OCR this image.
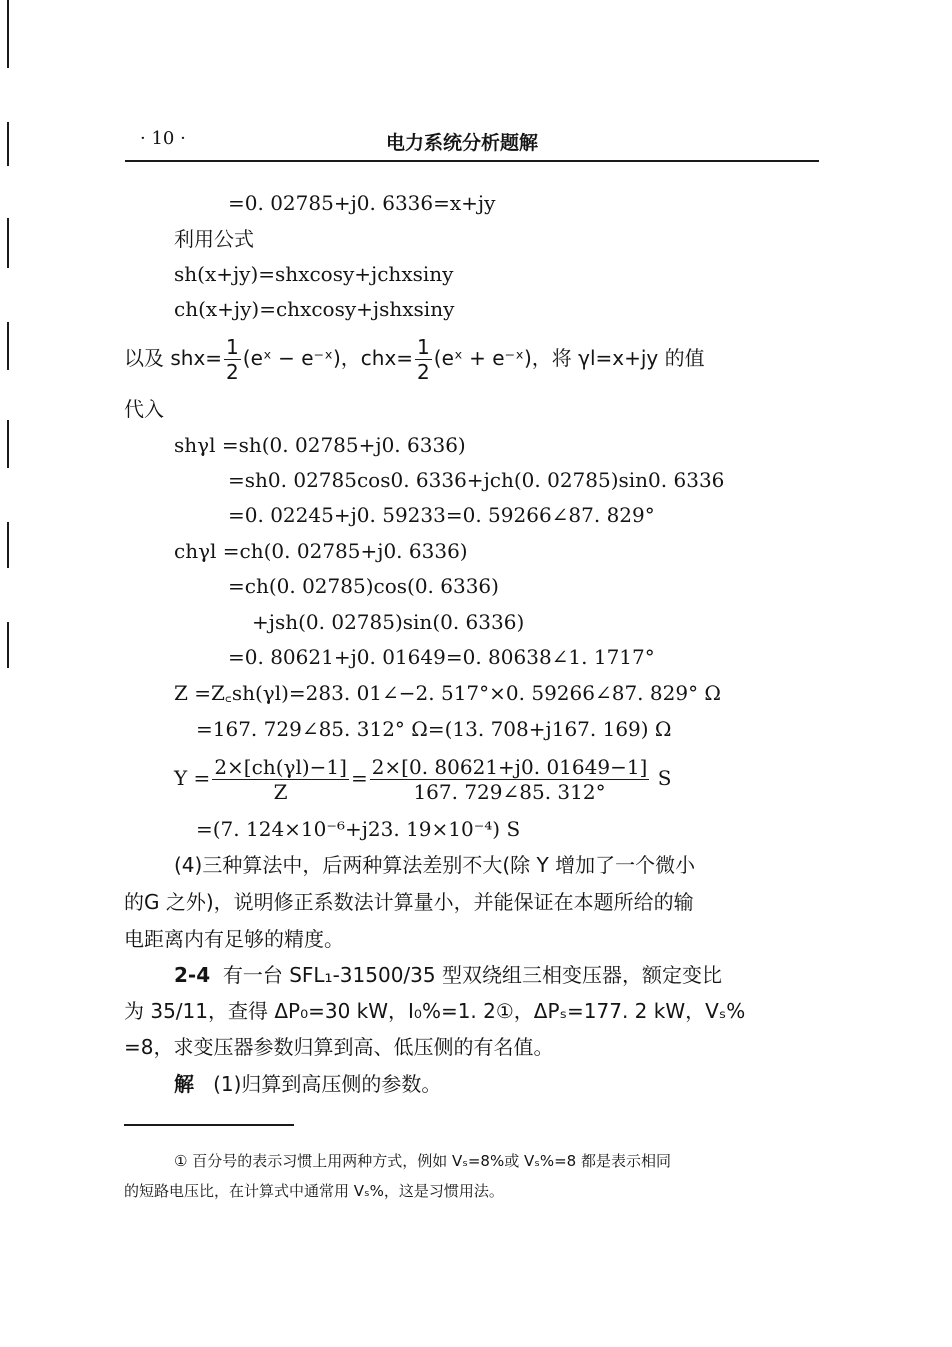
· 10 ·	电力系统分析题解
=0. 02785+j0. 6336=x+jy
利用公式
sh(x+jy)=shxcosy+jchxsiny
ch(x+jy)=chxcosy+jshxsiny
以及 $shx= \frac{1}{2}$ (eˣ − e⁻ˣ)，$chx= \frac{1}{2}$ (eˣ + e⁻ˣ)，将 γl=x+jy 的值
代入
shγl =sh(0. 02785+j0. 6336)
=sh0. 02785cos0. 6336+jch(0. 02785)sin0. 6336
=0. 02245+j0. 59233=0. 59266∠87. 829°
chγl =ch(0. 02785+j0. 6336)
=ch(0. 02785)cos(0. 6336)
+jsh(0. 02785)sin(0. 6336)
=0. 80621+j0. 01649=0. 80638∠1. 1717°
Z =Z꜀sh(γl)=283. 01∠−2. 517°×0. 59266∠87. 829° Ω
=167. 729∠85. 312° Ω=(13. 708+j167. 169) Ω
$Y = \frac{2\times[ch(\gamma l)-1]}{Z} = \frac{2\times[0. 80621+j0. 01649-1]}{167. 729\angle 85. 312^\circ}$ S
=(7. 124×10⁻⁶+j23. 19×10⁻⁴) S
(4)三种算法中，后两种算法差别不大(除 Y 增加了一个微小
的G 之外)，说明修正系数法计算量小，并能保证在本题所给的输
电距离内有足够的精度。
2-4 有一台 SFL₁-31500/35 型双绕组三相变压器，额定变比
为 35/11，查得 ΔP₀=30 kW，I₀%=1. 2①，ΔPₛ=177. 2 kW，Vₛ%
=8，求变压器参数归算到高、低压侧的有名值。
解 (1)归算到高压侧的参数。
① 百分号的表示习惯上用两种方式，例如 Vₛ=8%或 Vₛ%=8 都是表示相同
的短路电压比，在计算式中通常用 Vₛ%，这是习惯用法。
